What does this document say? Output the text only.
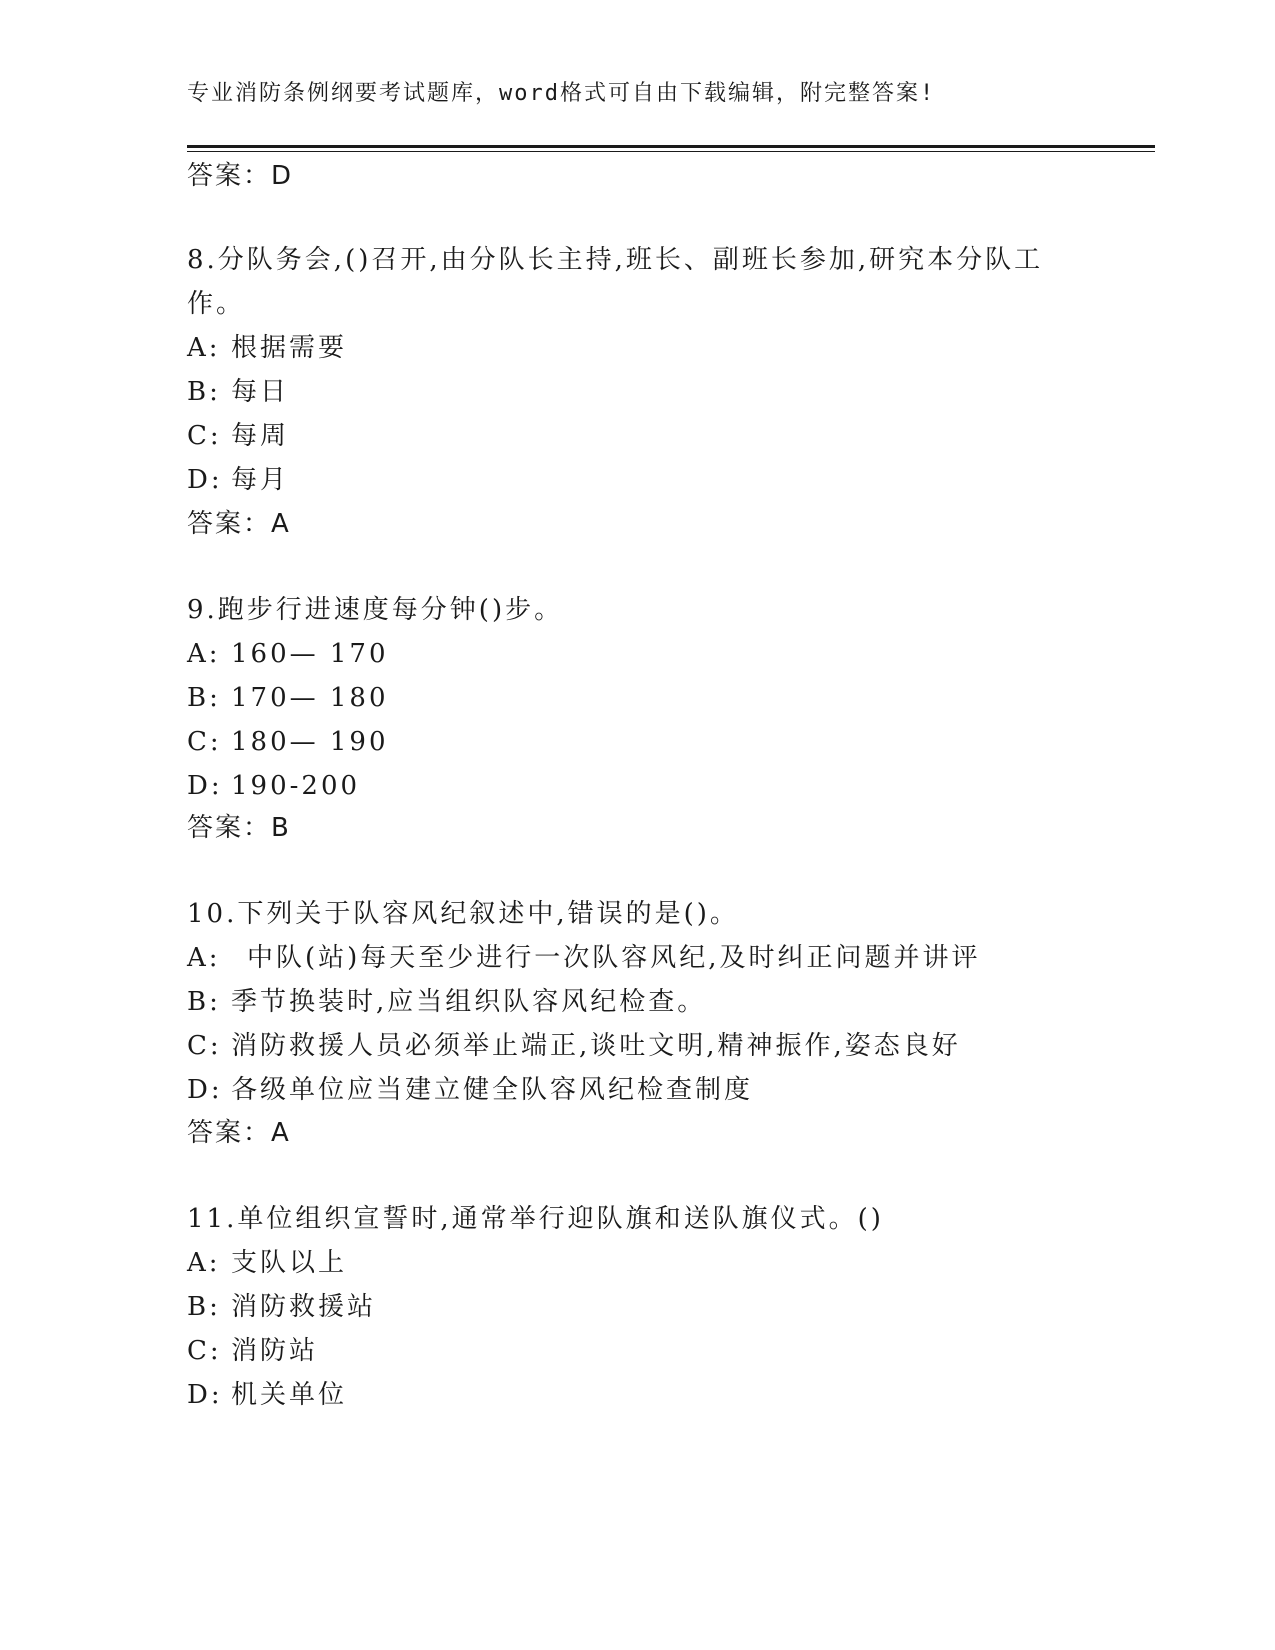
专业消防条例纲要考试题库，word格式可自由下载编辑，附完整答案!
答案：D
8.分队务会,()召开,由分队长主持,班长、副班长参加,研究本分队工
作。
A: 根据需要
B: 每日
C: 每周
D: 每月
答案：A
9.跑步行进速度每分钟()步。
A: 160— 170
B: 170— 180
C: 180— 190
D: 190-200
答案：B
10.下列关于队容风纪叙述中,错误的是()。
A: 中队(站)每天至少进行一次队容风纪,及时纠正问题并讲评
B: 季节换装时,应当组织队容风纪检查。
C: 消防救援人员必须举止端正,谈吐文明,精神振作,姿态良好
D: 各级单位应当建立健全队容风纪检查制度
答案：A
11.单位组织宣誓时,通常举行迎队旗和送队旗仪式。()
A: 支队以上
B: 消防救援站
C: 消防站
D: 机关单位
